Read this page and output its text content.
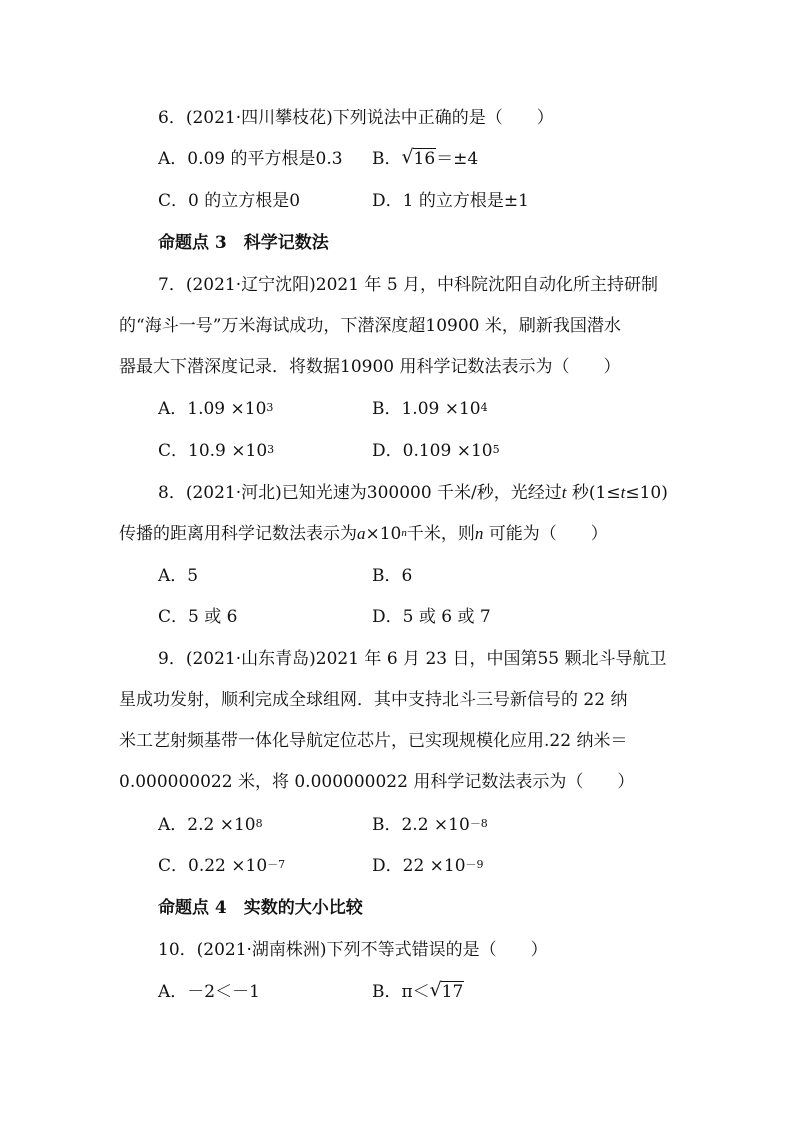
6．(2021·四川攀枝花)下列说法中正确的是（　　）
A．0.09 的平方根是0.3 B． √ 16＝±4
C．0 的立方根是0	D．1 的立方根是±1
命题点 3　科学记数法
7．(2021·辽宁沈阳)2021 年 5 月，中科院沈阳自动化所主持研制
的“海斗一号”万米海试成功，下潜深度超10900 米，刷新我国潜水
器最大下潜深度记录．将数据10900 用科学记数法表示为（　　）
A．$1.09 \times 10^3$	B．$1.09 \times 10^4$
C．$10.9 \times 10^3$	D．$0.109 \times 10^5$
8．(2021·河北)已知光速为300000 千米/秒，光经过t 秒(1≤t≤10)
传播的距离用科学记数法表示为$a\times 10^n$千米，则n 可能为（　　）
A．5	B．6
C．5 或 6	D．5 或 6 或 7
9．(2021·山东青岛)2021 年 6 月 23 日，中国第55 颗北斗导航卫
星成功发射，顺利完成全球组网．其中支持北斗三号新信号的 22 纳
米工艺射频基带一体化导航定位芯片，已实现规模化应用.22 纳米＝
0.000000022 米，将 0.000000022 用科学记数法表示为（　　）
A．$2.2 \times 10^8$	B．$2.2 \times 10^{-8}$
C．$0.22 \times 10^{-7}$	D．$22 \times 10^{-9}$
命题点 4　实数的大小比较
10．(2021·湖南株洲)下列不等式错误的是（　　）
A．－2＜－1	B．π＜ √ 17
